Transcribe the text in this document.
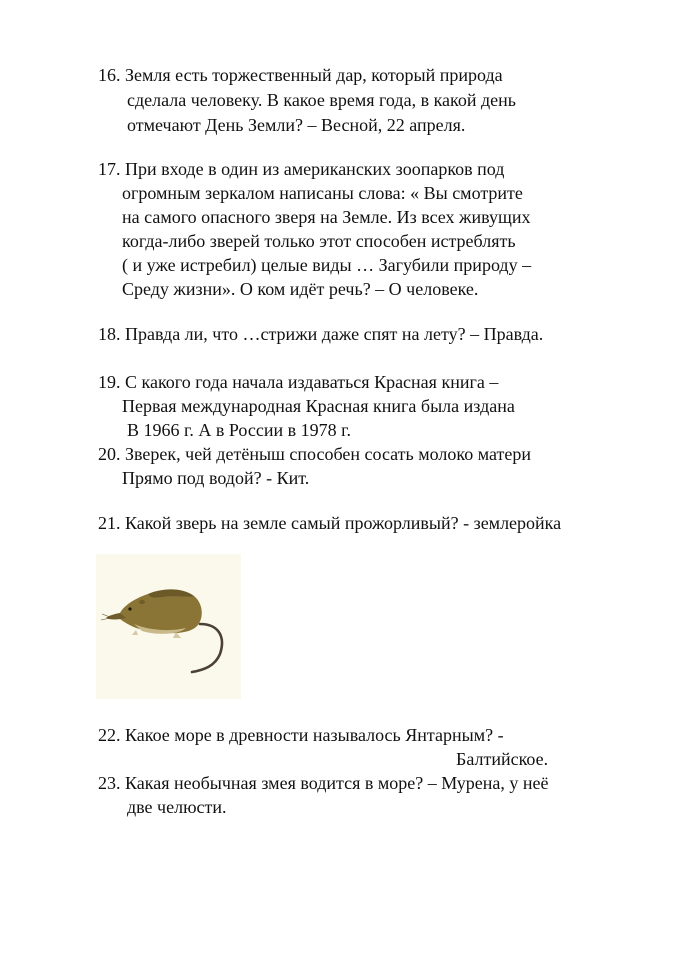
16. Земля есть торжественный дар, который природа
сделала человеку. В какое время года, в какой день
отмечают День Земли? – Весной, 22 апреля.
17. При входе в один из американских зоопарков под
огромным зеркалом написаны слова: « Вы смотрите
на самого опасного зверя на Земле. Из всех живущих
когда-либо зверей только этот способен истреблять
( и уже истребил) целые виды … Загубили природу –
Среду жизни». О ком идёт речь? – О человеке.
18. Правда ли, что …стрижи даже спят на лету? – Правда.
19. С какого года начала издаваться Красная книга –
Первая международная Красная книга была издана
В 1966 г. А в России в 1978 г.
20. Зверек, чей детёныш способен сосать молоко матери
Прямо под водой? - Кит.
21. Какой зверь на земле самый прожорливый? - землеройка
22. Какое море в древности называлось Янтарным? -
Балтийское.
23. Какая необычная змея водится в море? – Мурена, у неё
две челюсти.
